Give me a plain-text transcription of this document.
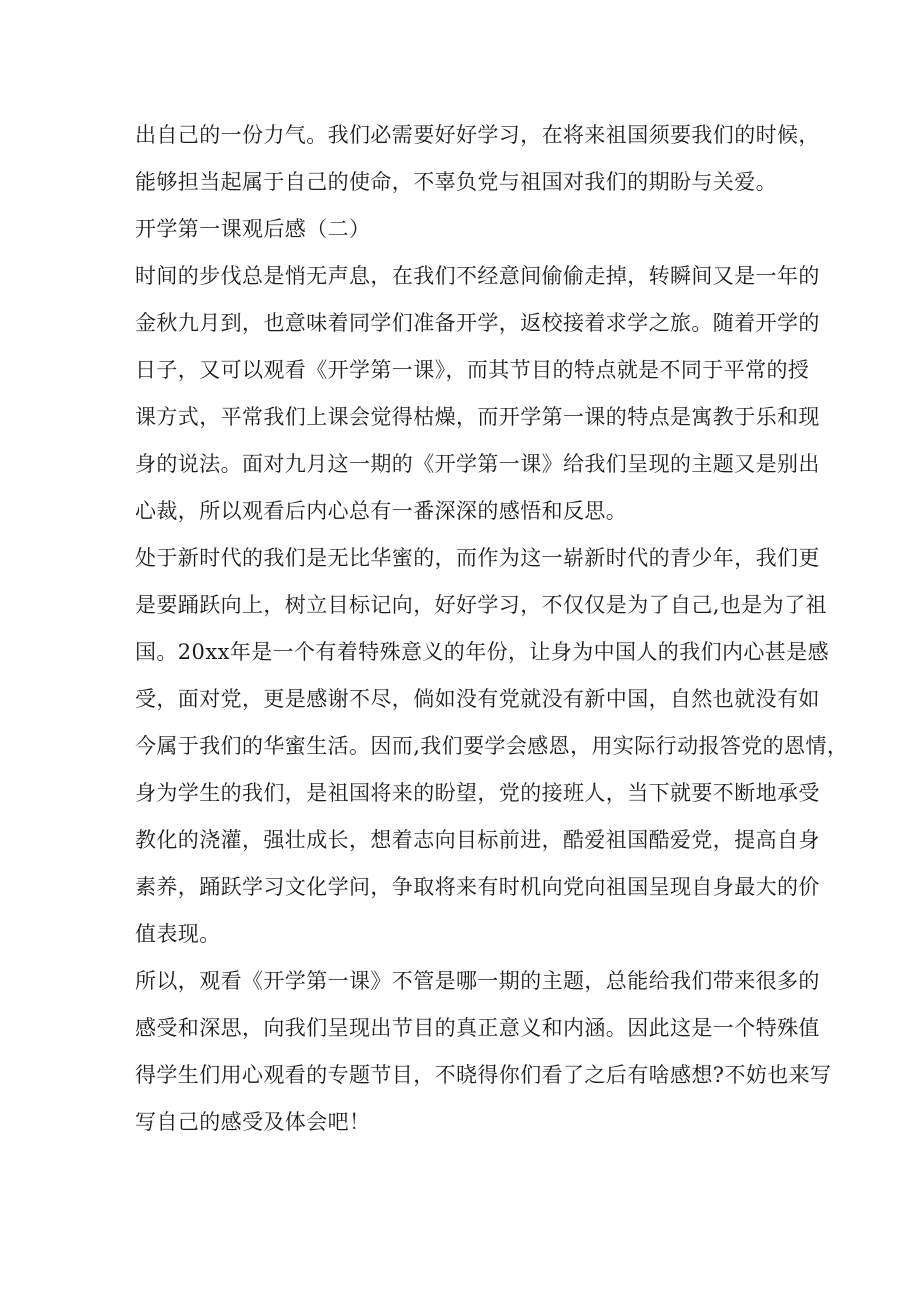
出自己的一份力气。我们必需要好好学习，在将来祖国须要我们的时候，

能够担当起属于自己的使命，不辜负党与祖国对我们的期盼与关爱。

开学第一课观后感（二）

时间的步伐总是悄无声息，在我们不经意间偷偷走掉，转瞬间又是一年的

金秋九月到，也意味着同学们准备开学，返校接着求学之旅。随着开学的

日子，又可以观看《开学第一课》，而其节目的特点就是不同于平常的授

课方式，平常我们上课会觉得枯燥，而开学第一课的特点是寓教于乐和现

身的说法。面对九月这一期的《开学第一课》给我们呈现的主题又是别出

心裁，所以观看后内心总有一番深深的感悟和反思。

处于新时代的我们是无比华蜜的，而作为这一崭新时代的青少年，我们更

是要踊跃向上，树立目标记向，好好学习，不仅仅是为了自己,也是为了祖

国。20xx年是一个有着特殊意义的年份，让身为中国人的我们内心甚是感

受，面对党，更是感谢不尽，倘如没有党就没有新中国，自然也就没有如

今属于我们的华蜜生活。因而,我们要学会感恩，用实际行动报答党的恩情，

身为学生的我们，是祖国将来的盼望，党的接班人，当下就要不断地承受

教化的浇灌，强壮成长，想着志向目标前进，酷爱祖国酷爱党，提高自身

素养，踊跃学习文化学问，争取将来有时机向党向祖国呈现自身最大的价

值表现。

所以，观看《开学第一课》不管是哪一期的主题，总能给我们带来很多的

感受和深思，向我们呈现出节目的真正意义和内涵。因此这是一个特殊值

得学生们用心观看的专题节目，不晓得你们看了之后有啥感想?不妨也来写

写自己的感受及体会吧！
